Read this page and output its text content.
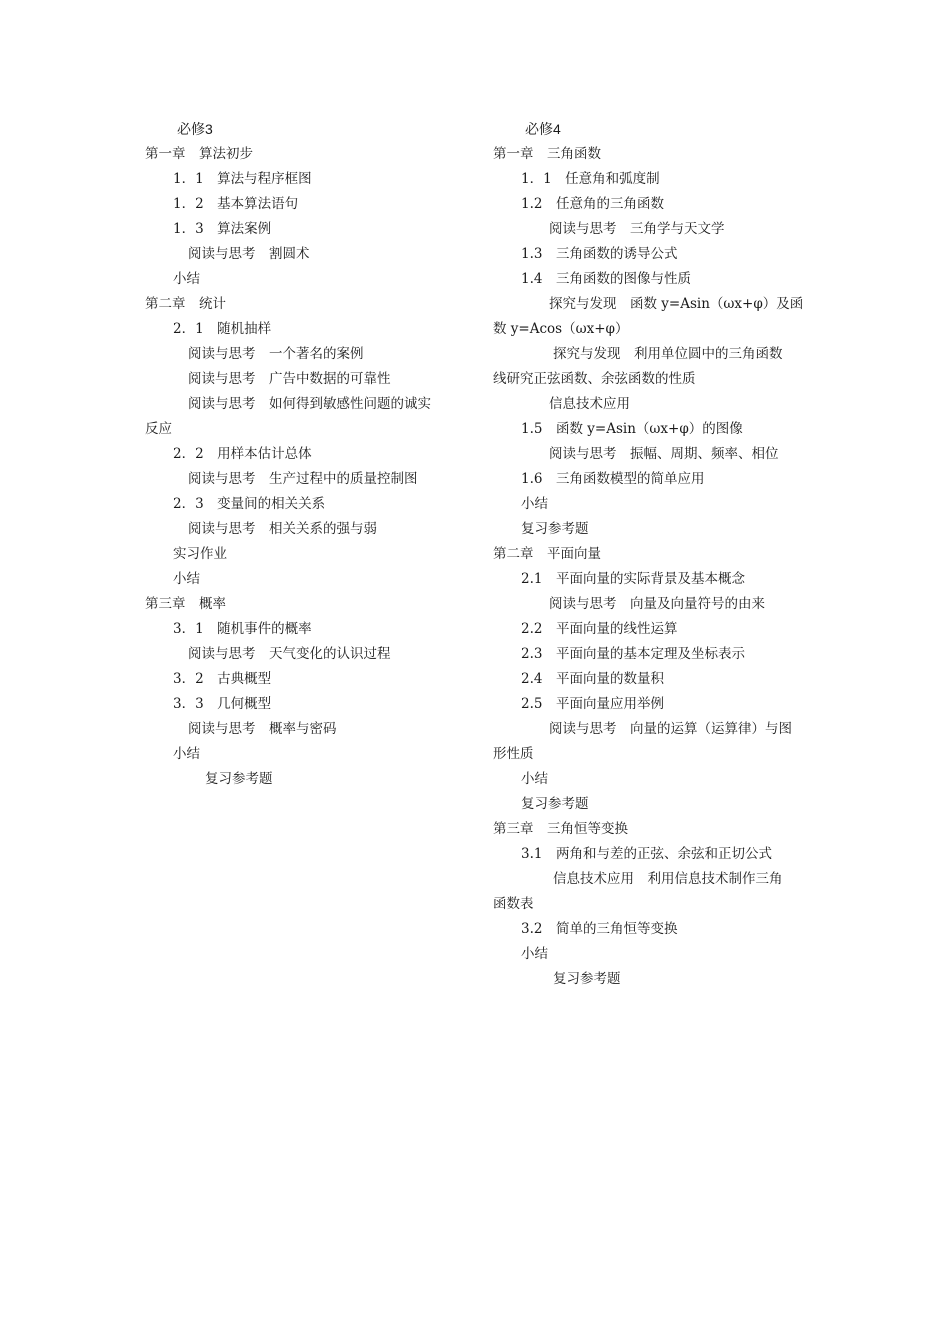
必修3
第一章　算法初步
1．1　算法与程序框图
1．2　基本算法语句
1．3　算法案例
阅读与思考　割圆术
小结
第二章　统计
2．1　随机抽样
阅读与思考　一个著名的案例
阅读与思考　广告中数据的可靠性
阅读与思考　如何得到敏感性问题的诚实
反应
2．2　用样本估计总体
阅读与思考　生产过程中的质量控制图
2．3　变量间的相关关系
阅读与思考　相关关系的强与弱
实习作业
小结
第三章　概率
3．1　随机事件的概率
阅读与思考　天气变化的认识过程
3．2　古典概型
3．3　几何概型
阅读与思考　概率与密码
小结
复习参考题
必修4
第一章　三角函数
1．1　任意角和弧度制
1.2　任意角的三角函数
阅读与思考　三角学与天文学
1.3　三角函数的诱导公式
1.4　三角函数的图像与性质
探究与发现　函数 y=Asin（ωx+φ）及函
数 y=Acos（ωx+φ）
探究与发现　利用单位圆中的三角函数
线研究正弦函数、余弦函数的性质
信息技术应用
1.5　函数 y=Asin（ωx+φ）的图像
阅读与思考　振幅、周期、频率、相位
1.6　三角函数模型的简单应用
小结
复习参考题
第二章　平面向量
2.1　平面向量的实际背景及基本概念
阅读与思考　向量及向量符号的由来
2.2　平面向量的线性运算
2.3　平面向量的基本定理及坐标表示
2.4　平面向量的数量积
2.5　平面向量应用举例
阅读与思考　向量的运算（运算律）与图
形性质
小结
复习参考题
第三章　三角恒等变换
3.1　两角和与差的正弦、余弦和正切公式
信息技术应用　利用信息技术制作三角
函数表
3.2　简单的三角恒等变换
小结
复习参考题
